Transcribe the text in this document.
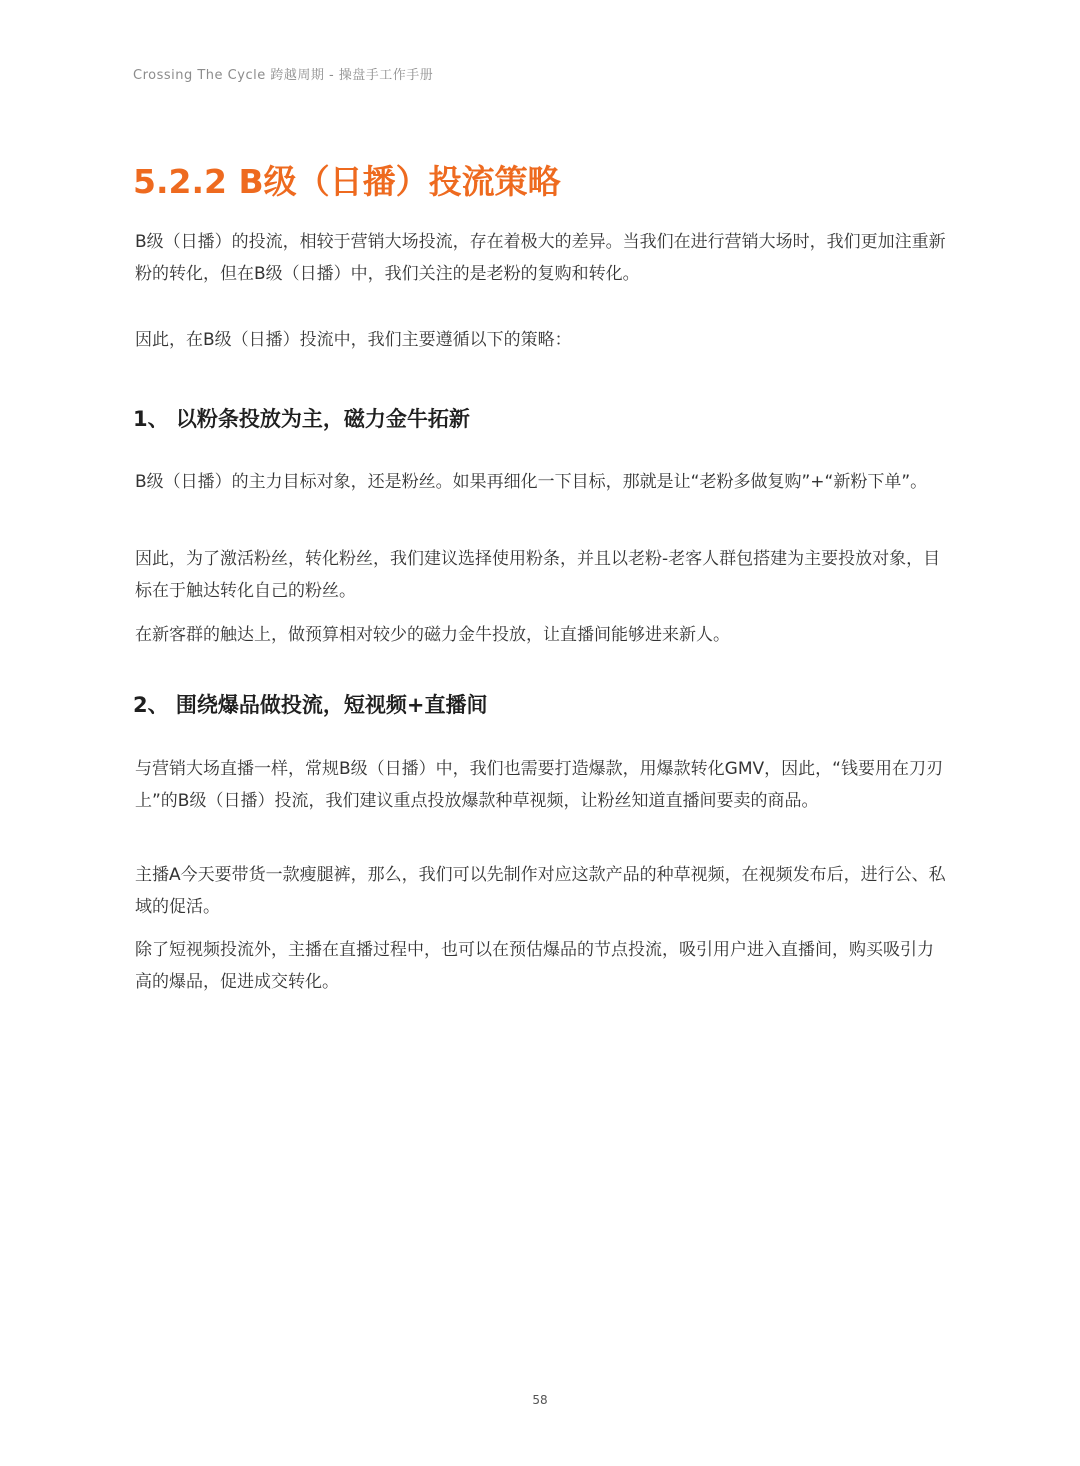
Crossing The Cycle 跨越周期 - 操盘手工作手册
5.2.2 B级（日播）投流策略

B级（日播）的投流，相较于营销大场投流，存在着极大的差异。当我们在进行营销大场时，我们更加注重新粉的转化，但在B级（日播）中，我们关注的是老粉的复购和转化。

因此，在B级（日播）投流中，我们主要遵循以下的策略：

1、 以粉条投放为主，磁力金牛拓新

B级（日播）的主力目标对象，还是粉丝。如果再细化一下目标，那就是让“老粉多做复购”+“新粉下单”。

因此，为了激活粉丝，转化粉丝，我们建议选择使用粉条，并且以老粉-老客人群包搭建为主要投放对象，目标在于触达转化自己的粉丝。

在新客群的触达上，做预算相对较少的磁力金牛投放，让直播间能够进来新人。

2、 围绕爆品做投流，短视频+直播间

与营销大场直播一样，常规B级（日播）中，我们也需要打造爆款，用爆款转化GMV，因此，“钱要用在刀刃上”的B级（日播）投流，我们建议重点投放爆款种草视频，让粉丝知道直播间要卖的商品。

主播A今天要带货一款瘦腿裤，那么，我们可以先制作对应这款产品的种草视频，在视频发布后，进行公、私域的促活。

除了短视频投流外，主播在直播过程中，也可以在预估爆品的节点投流，吸引用户进入直播间，购买吸引力高的爆品，促进成交转化。

58
